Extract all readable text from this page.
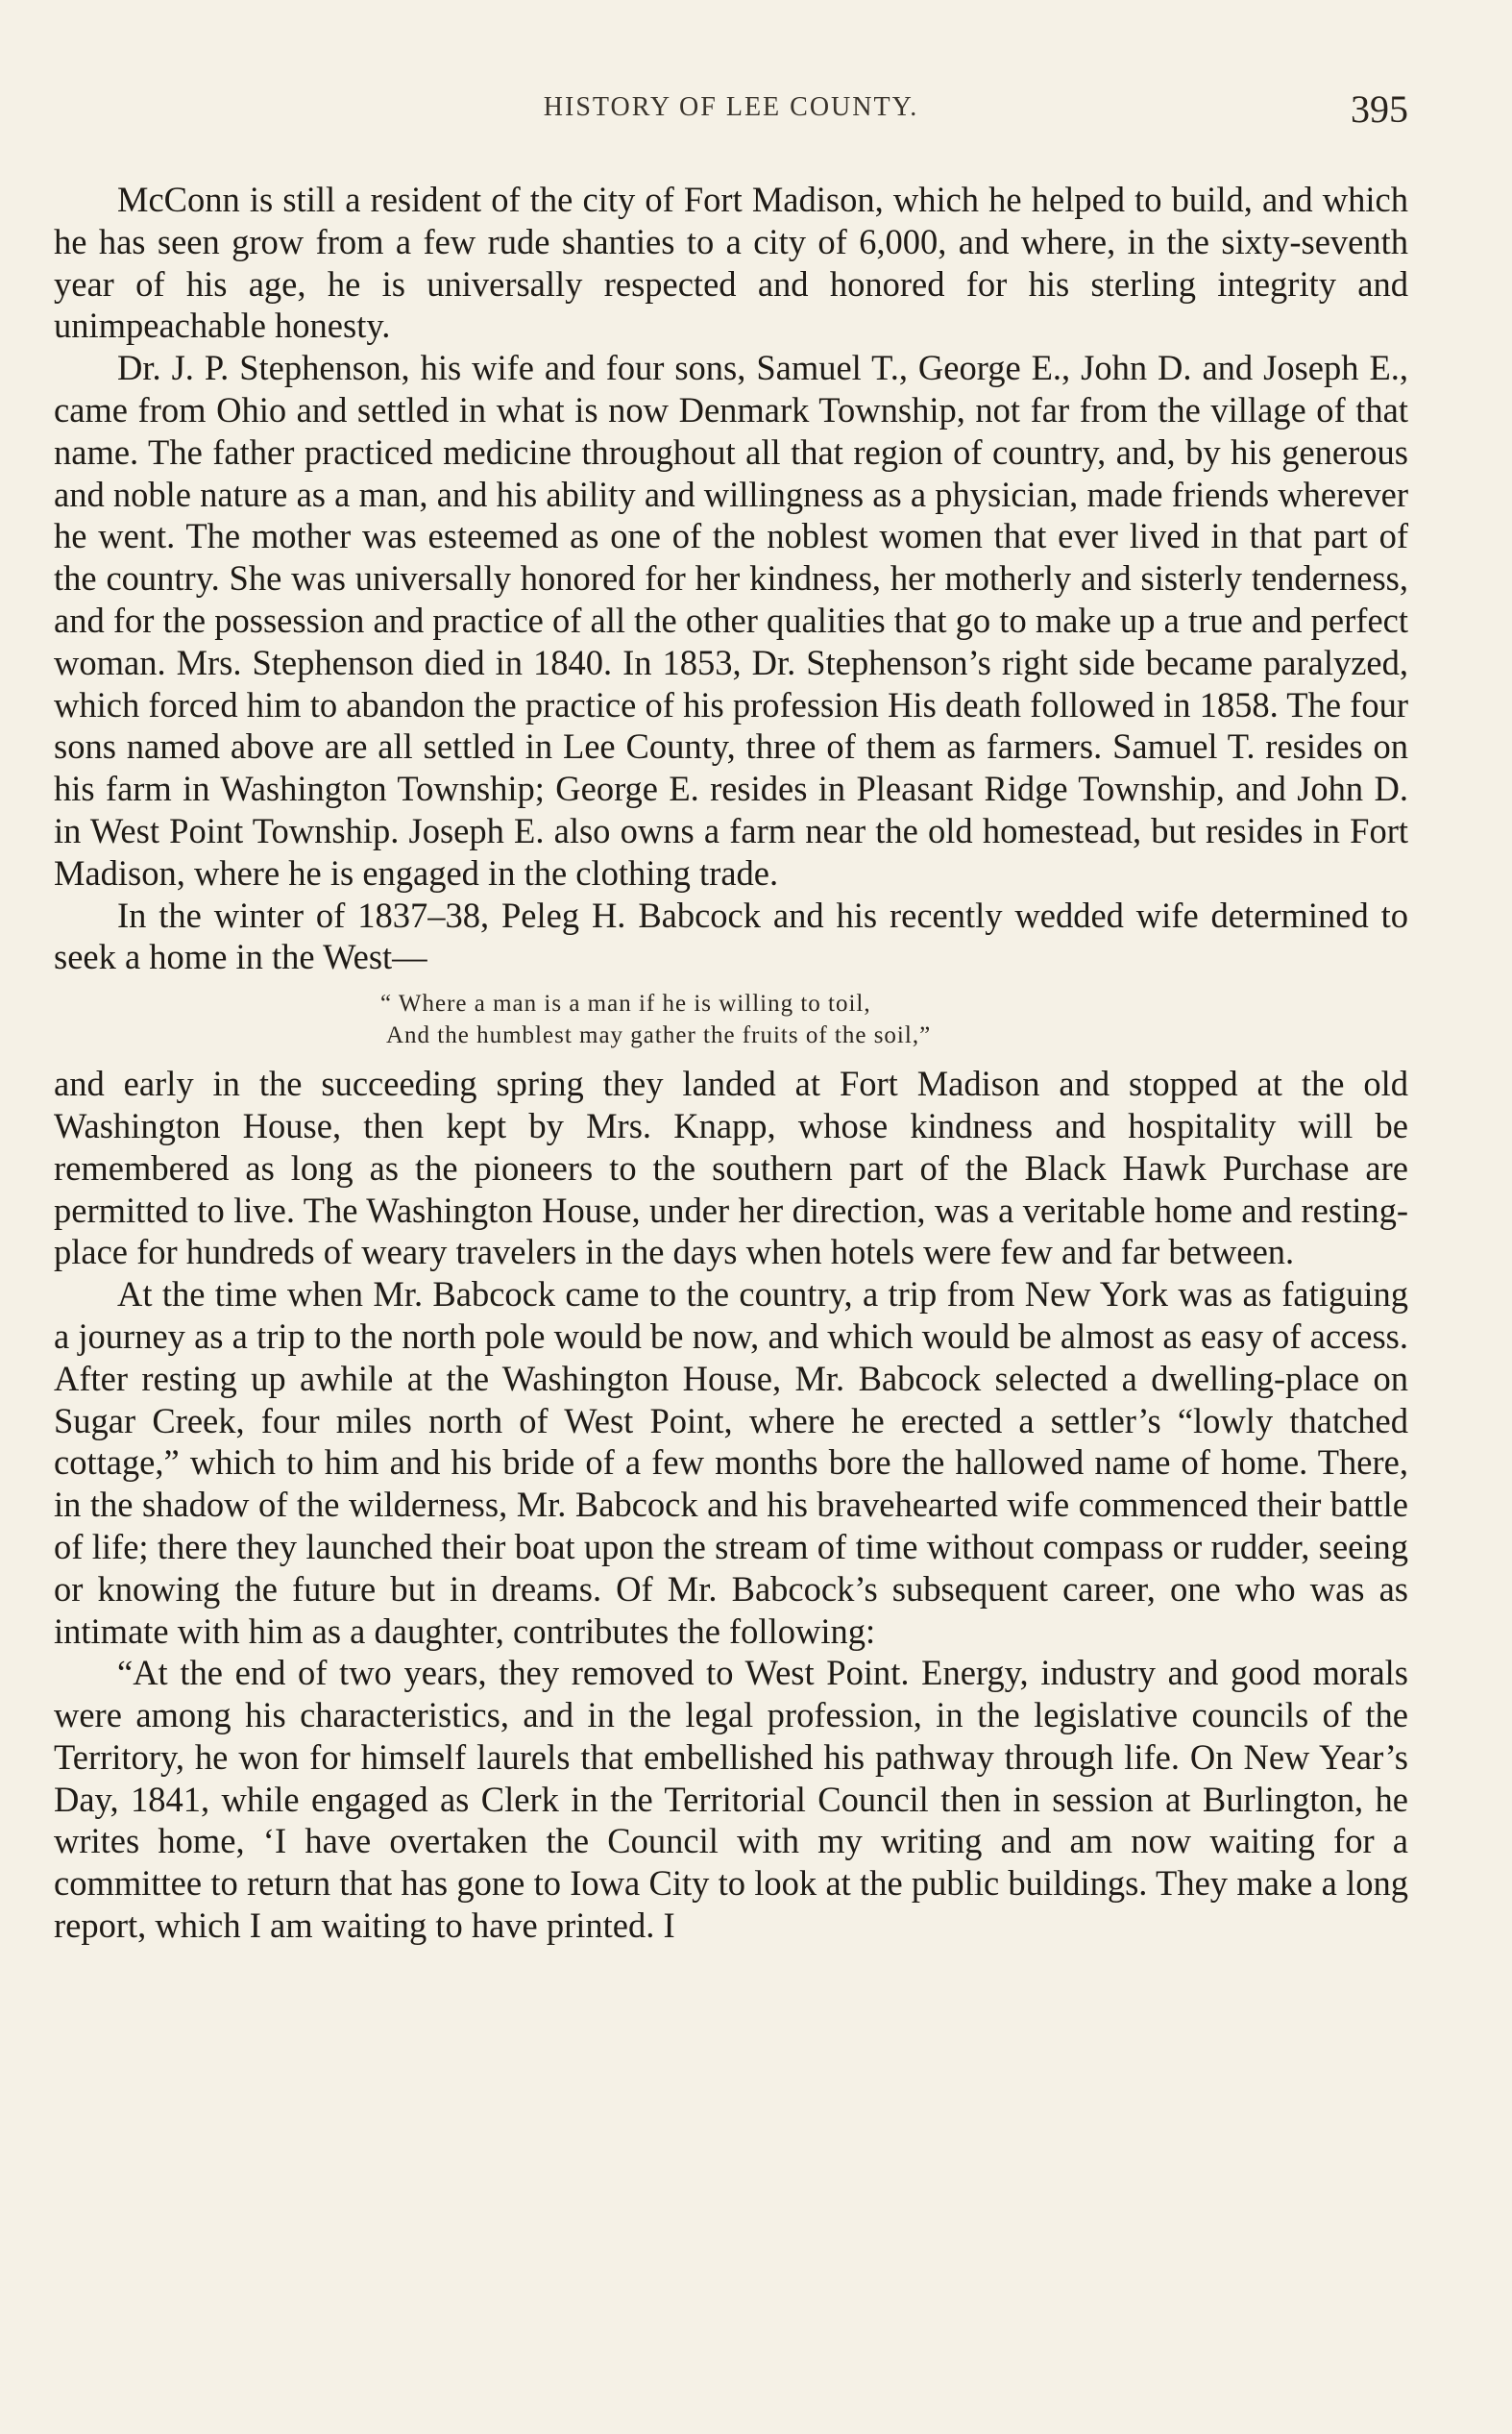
HISTORY OF LEE COUNTY.	395

McConn is still a resident of the city of Fort Madison, which he helped to build, and which he has seen grow from a few rude shanties to a city of 6,000, and where, in the sixty-seventh year of his age, he is universally respected and honored for his sterling integrity and unimpeachable honesty.

Dr. J. P. Stephenson, his wife and four sons, Samuel T., George E., John D. and Joseph E., came from Ohio and settled in what is now Denmark Township, not far from the village of that name. The father practiced medicine throughout all that region of country, and, by his generous and noble nature as a man, and his ability and willingness as a physician, made friends wherever he went. The mother was esteemed as one of the noblest women that ever lived in that part of the country. She was universally honored for her kindness, her motherly and sisterly tenderness, and for the possession and practice of all the other qualities that go to make up a true and perfect woman. Mrs. Stephenson died in 1840. In 1853, Dr. Stephenson’s right side became paralyzed, which forced him to abandon the practice of his profession His death followed in 1858. The four sons named above are all settled in Lee County, three of them as farmers. Samuel T. resides on his farm in Washington Township; George E. resides in Pleasant Ridge Township, and John D. in West Point Township. Joseph E. also owns a farm near the old homestead, but resides in Fort Madison, where he is engaged in the clothing trade.

In the winter of 1837–38, Peleg H. Babcock and his recently wedded wife determined to seek a home in the West—

“ Where a man is a man if he is willing to toil,
And the humblest may gather the fruits of the soil,”

and early in the succeeding spring they landed at Fort Madison and stopped at the old Washington House, then kept by Mrs. Knapp, whose kindness and hospitality will be remembered as long as the pioneers to the southern part of the Black Hawk Purchase are permitted to live. The Washington House, under her direction, was a veritable home and resting-place for hundreds of weary travelers in the days when hotels were few and far between.

At the time when Mr. Babcock came to the country, a trip from New York was as fatiguing a journey as a trip to the north pole would be now, and which would be almost as easy of access. After resting up awhile at the Washington House, Mr. Babcock selected a dwelling-place on Sugar Creek, four miles north of West Point, where he erected a settler’s “lowly thatched cottage,” which to him and his bride of a few months bore the hallowed name of home. There, in the shadow of the wilderness, Mr. Babcock and his bravehearted wife commenced their battle of life; there they launched their boat upon the stream of time without compass or rudder, seeing or knowing the future but in dreams. Of Mr. Babcock’s subsequent career, one who was as intimate with him as a daughter, contributes the following:

“At the end of two years, they removed to West Point. Energy, industry and good morals were among his characteristics, and in the legal profession, in the legislative councils of the Territory, he won for himself laurels that embellished his pathway through life. On New Year’s Day, 1841, while engaged as Clerk in the Territorial Council then in session at Burlington, he writes home, ‘I have overtaken the Council with my writing and am now waiting for a committee to return that has gone to Iowa City to look at the public buildings. They make a long report, which I am waiting to have printed. I
